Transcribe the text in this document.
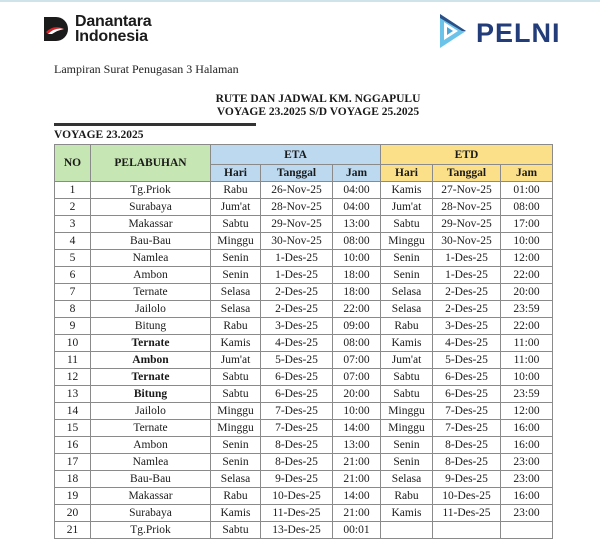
Danantara
Indonesia	PELNI
Lampiran Surat Penugasan 3 Halaman
RUTE DAN JADWAL KM. NGGAPULU
VOYAGE 23.2025 S/D VOYAGE 25.2025
VOYAGE 23.2025
NO	PELABUHAN	ETA			ETD		
		Hari	Tanggal	Jam	Hari	Tanggal	Jam
1	Tg.Priok	Rabu	26-Nov-25	04:00	Kamis	27-Nov-25	01:00
2	Surabaya	Jum'at	28-Nov-25	04:00	Jum'at	28-Nov-25	08:00
3	Makassar	Sabtu	29-Nov-25	13:00	Sabtu	29-Nov-25	17:00
4	Bau-Bau	Minggu	30-Nov-25	08:00	Minggu	30-Nov-25	10:00
5	Namlea	Senin	1-Des-25	10:00	Senin	1-Des-25	12:00
6	Ambon	Senin	1-Des-25	18:00	Senin	1-Des-25	22:00
7	Ternate	Selasa	2-Des-25	18:00	Selasa	2-Des-25	20:00
8	Jailolo	Selasa	2-Des-25	22:00	Selasa	2-Des-25	23:59
9	Bitung	Rabu	3-Des-25	09:00	Rabu	3-Des-25	22:00
10	Ternate	Kamis	4-Des-25	08:00	Kamis	4-Des-25	11:00
11	Ambon	Jum'at	5-Des-25	07:00	Jum'at	5-Des-25	11:00
12	Ternate	Sabtu	6-Des-25	07:00	Sabtu	6-Des-25	10:00
13	Bitung	Sabtu	6-Des-25	20:00	Sabtu	6-Des-25	23:59
14	Jailolo	Minggu	7-Des-25	10:00	Minggu	7-Des-25	12:00
15	Ternate	Minggu	7-Des-25	14:00	Minggu	7-Des-25	16:00
16	Ambon	Senin	8-Des-25	13:00	Senin	8-Des-25	16:00
17	Namlea	Senin	8-Des-25	21:00	Senin	8-Des-25	23:00
18	Bau-Bau	Selasa	9-Des-25	21:00	Selasa	9-Des-25	23:00
19	Makassar	Rabu	10-Des-25	14:00	Rabu	10-Des-25	16:00
20	Surabaya	Kamis	11-Des-25	21:00	Kamis	11-Des-25	23:00
21	Tg.Priok	Sabtu	13-Des-25	00:01			
